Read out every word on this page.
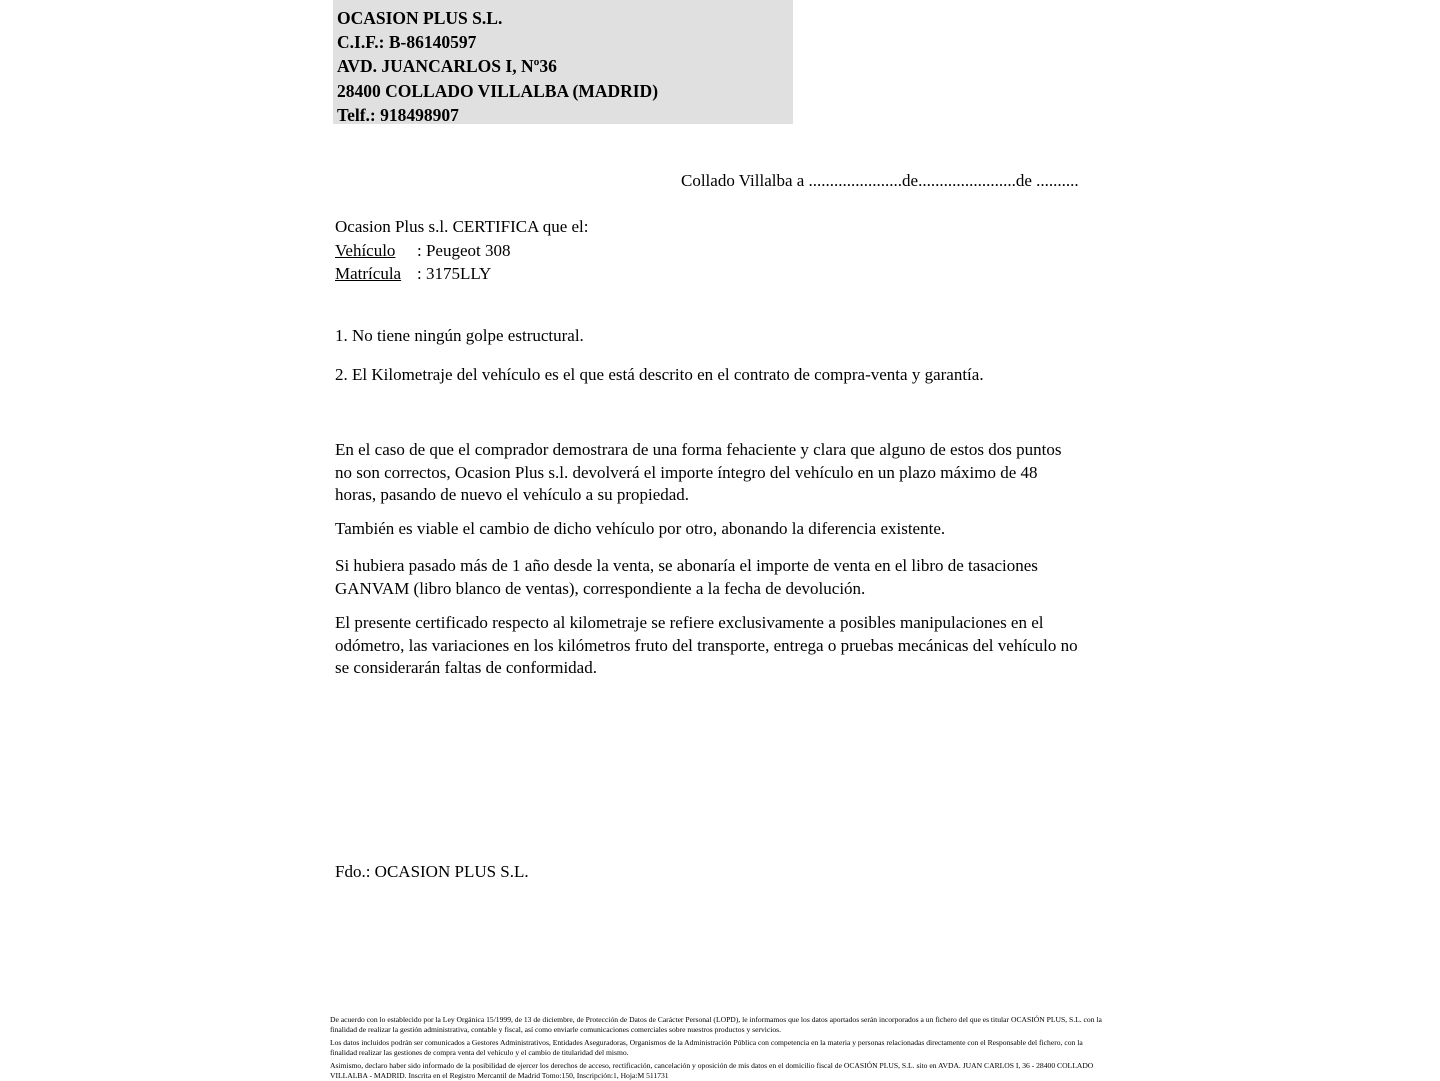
OCASION PLUS S.L.
C.I.F.: B-86140597
AVD. JUANCARLOS I, Nº36
28400 COLLADO VILLALBA (MADRID)
Telf.: 918498907
Collado Villalba a ......................de.......................de ..........
Ocasion Plus s.l. CERTIFICA que el:
Vehículo : Peugeot 308
Matrícula : 3175LLY
1. No tiene ningún golpe estructural.
2. El Kilometraje del vehículo es el que está descrito en el contrato de compra-venta y garantía.
En el caso de que el comprador demostrara de una forma fehaciente y clara que alguno de estos dos puntos no son correctos, Ocasion Plus s.l. devolverá el importe íntegro del vehículo en un plazo máximo de 48 horas, pasando de nuevo el vehículo a su propiedad.
También es viable el cambio de dicho vehículo por otro, abonando la diferencia existente.
Si hubiera pasado más de 1 año desde la venta, se abonaría el importe de venta en el libro de tasaciones GANVAM (libro blanco de ventas), correspondiente a la fecha de devolución.
El presente certificado respecto al kilometraje se refiere exclusivamente a posibles manipulaciones en el odómetro, las variaciones en los kilómetros fruto del transporte, entrega o pruebas mecánicas del vehículo no se considerarán faltas de conformidad.
Fdo.: OCASION PLUS S.L.

De acuerdo con lo establecido por la Ley Orgánica 15/1999, de 13 de diciembre, de Protección de Datos de Carácter Personal (LOPD), le informamos que los datos aportados serán incorporados a un fichero del que es titular OCASIÓN PLUS, S.L. con la finalidad de realizar la gestión administrativa, contable y fiscal, así como enviarle comunicaciones comerciales sobre nuestros productos y servicios.

Los datos incluidos podrán ser comunicados a Gestores Administrativos, Entidades Aseguradoras, Organismos de la Administración Pública con competencia en la materia y personas relacionadas directamente con el Responsable del fichero, con la finalidad realizar las gestiones de compra venta del vehículo y el cambio de titularidad del mismo.

Asimismo, declaro haber sido informado de la posibilidad de ejercer los derechos de acceso, rectificación, cancelación y oposición de mis datos en el domicilio fiscal de OCASIÓN PLUS, S.L. sito en AVDA. JUAN CARLOS I, 36 - 28400 COLLADO VILLALBA - MADRID. Inscrita en el Registro Mercantil de Madrid Tomo:150, Inscripción:1, Hoja:M 511731
